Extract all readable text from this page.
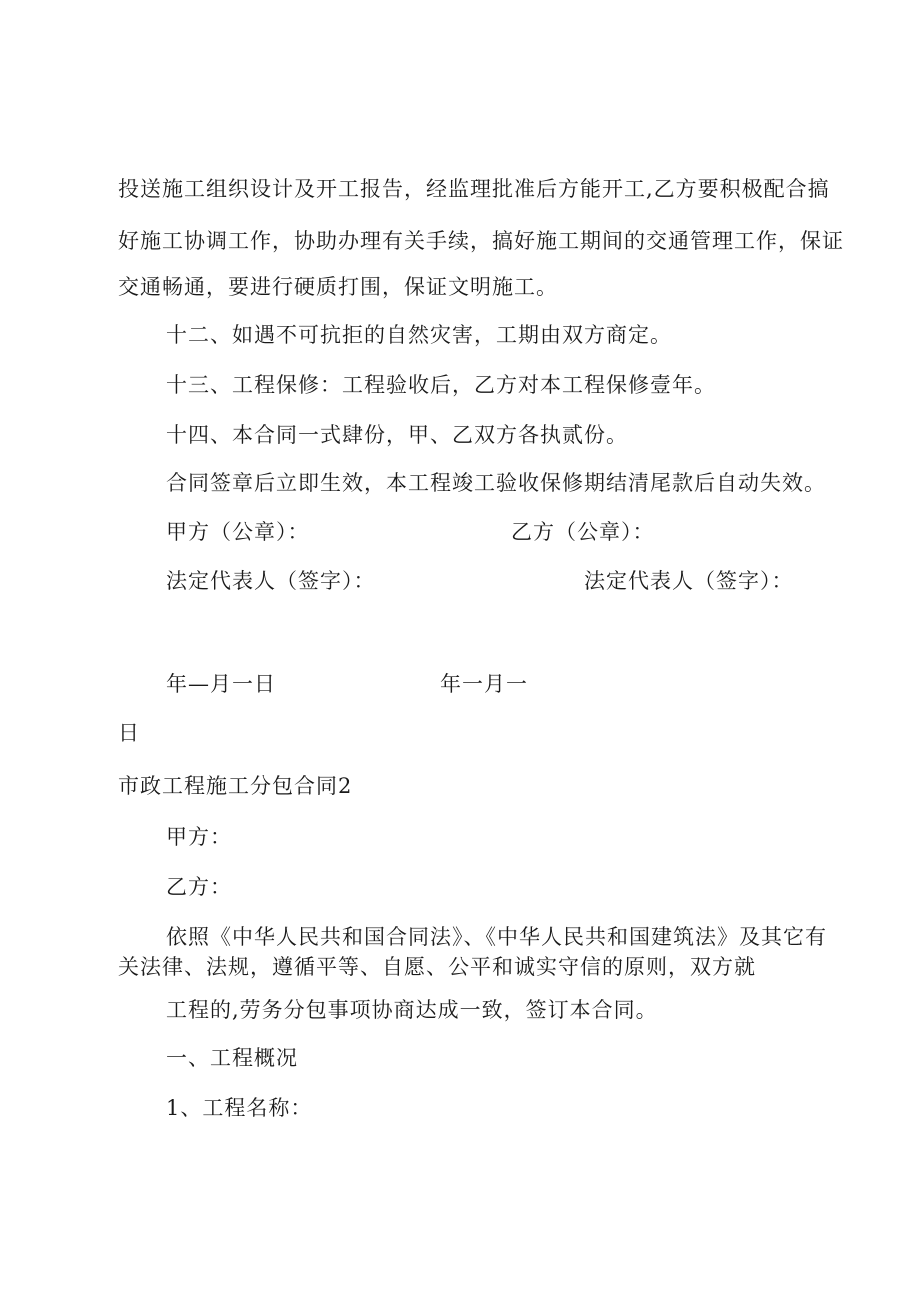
投送施工组织设计及开工报告，经监理批准后方能开工,乙方要积极配合搞
好施工协调工作，协助办理有关手续，搞好施工期间的交通管理工作，保证
交通畅通，要进行硬质打围，保证文明施工。
十二、如遇不可抗拒的自然灾害，工期由双方商定。
十三、工程保修：工程验收后，乙方对本工程保修壹年。
十四、本合同一式肆份，甲、乙双方各执贰份。
合同签章后立即生效，本工程竣工验收保修期结清尾款后自动失效。
甲方（公章）：	乙方（公章）：
法定代表人（签字）：	法定代表人（签字）：
年—月一日	年一月一
日
市政工程施工分包合同2
甲方：
乙方：
依照《中华人民共和国合同法》、《中华人民共和国建筑法》及其它有
关法律、法规，遵循平等、自愿、公平和诚实守信的原则，双方就
工程的,劳务分包事项协商达成一致，签订本合同。
一、工程概况
1、工程名称：
